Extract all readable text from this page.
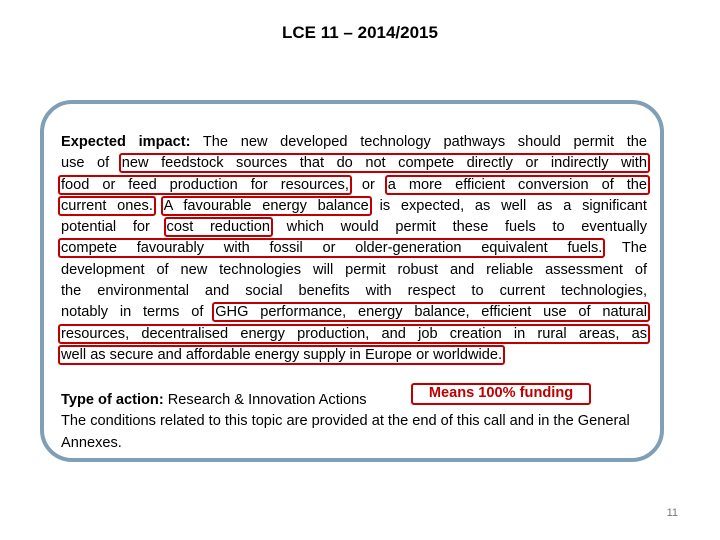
LCE 11 – 2014/2015
Expected impact: The new developed technology pathways should permit the
use of new feedstock sources that do not compete directly or indirectly with
food or feed production for resources, or a more efficient conversion of the
current ones. A favourable energy balance is expected, as well as a significant
potential for cost reduction which would permit these fuels to eventually
compete favourably with fossil or older-generation equivalent fuels. The
development of new technologies will permit robust and reliable assessment of
the environmental and social benefits with respect to current technologies,
notably in terms of GHG performance, energy balance, efficient use of natural
resources, decentralised energy production, and job creation in rural areas, as
well as secure and affordable energy supply in Europe or worldwide.
Means 100% funding
Type of action: Research & Innovation Actions
The conditions related to this topic are provided at the end of this call and in the General Annexes.
11
